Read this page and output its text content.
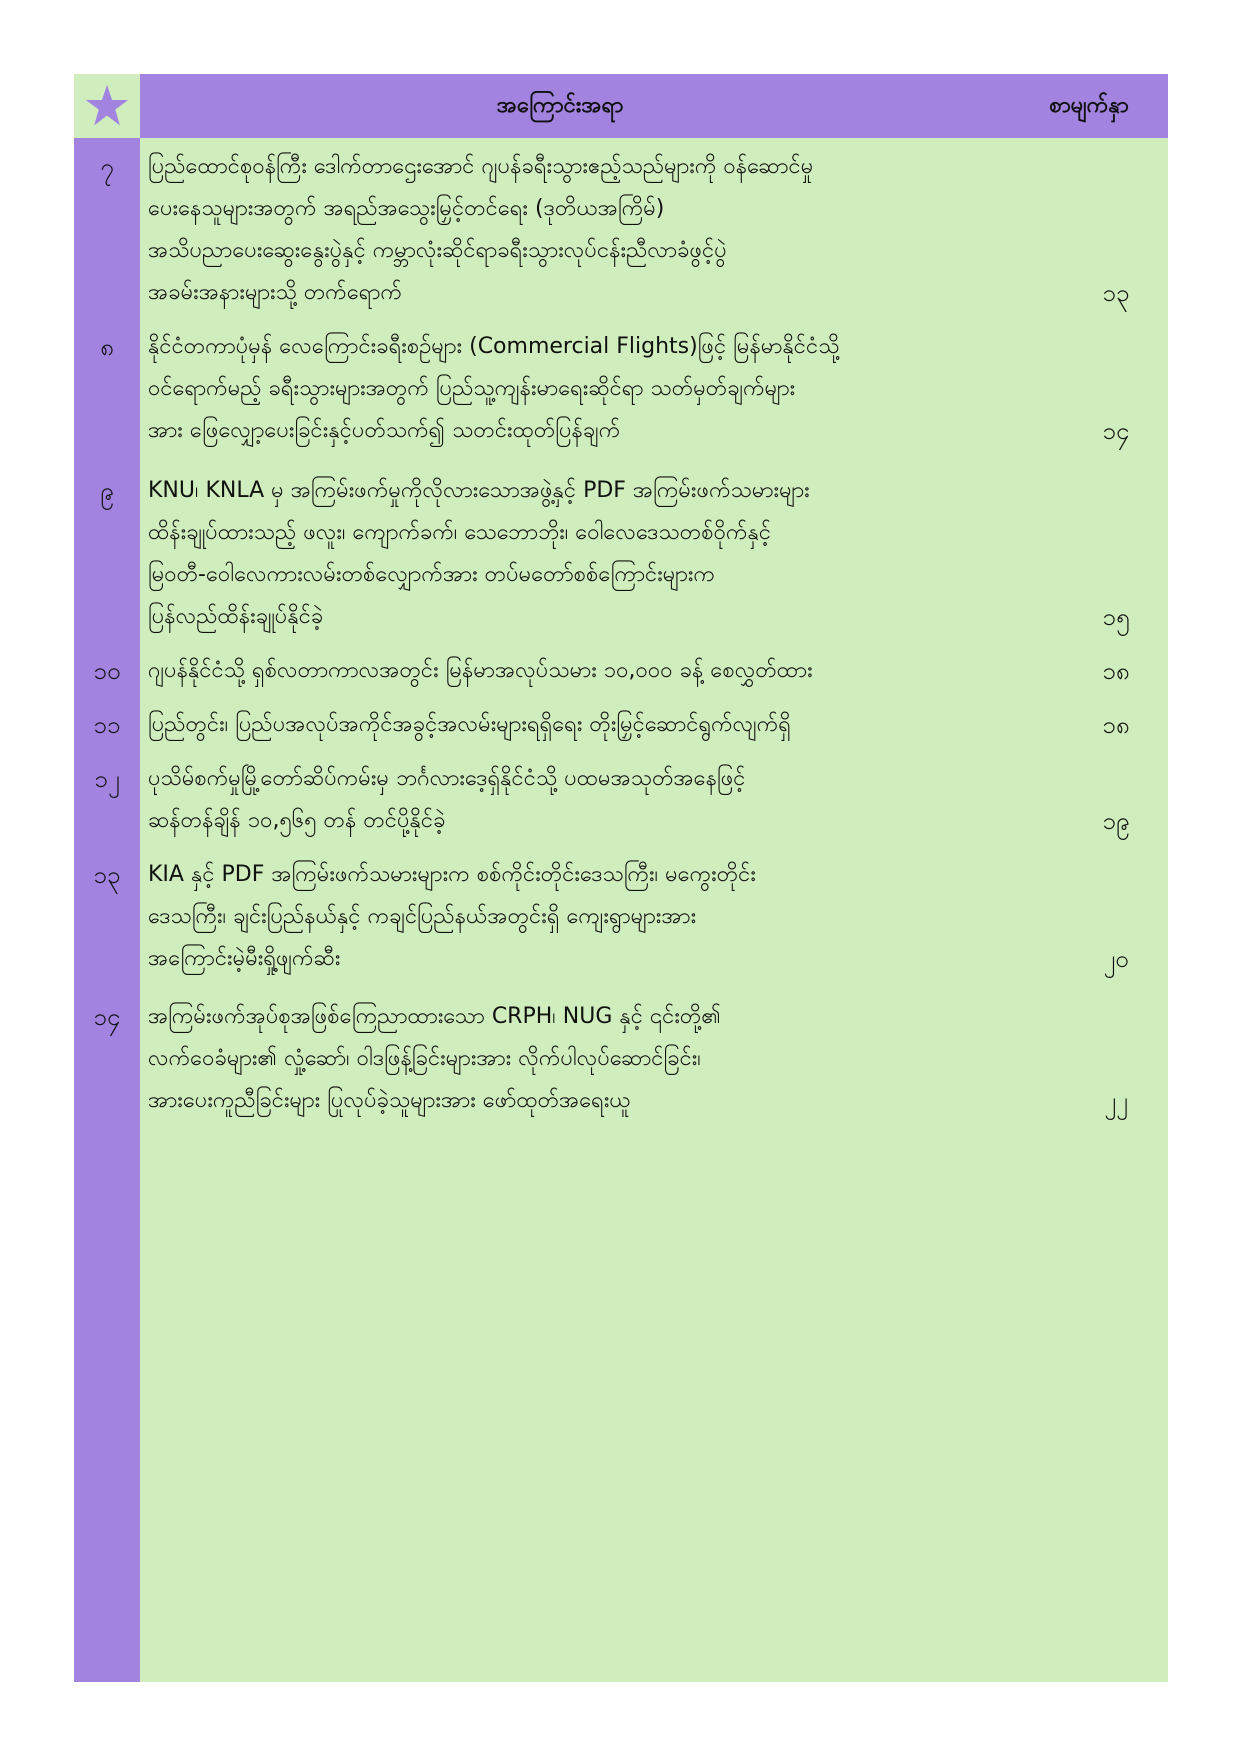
အကြောင်းအရာ	စာမျက်နှာ
၇	ပြည်ထောင်စုဝန်ကြီး ဒေါက်တာဌေးအောင် ဂျပန်ခရီးသွားဧည့်သည်များကို ဝန်ဆောင်မှု
ပေးနေသူများအတွက် အရည်အသွေးမြှင့်တင်ရေး (ဒုတိယအကြိမ်)
အသိပညာပေးဆွေးနွေးပွဲနှင့် ကမ္ဘာလုံးဆိုင်ရာခရီးသွားလုပ်ငန်းညီလာခံဖွင့်ပွဲ
အခမ်းအနားများသို့ တက်ရောက်	၁၃
၈	နိုင်ငံတကာပုံမှန် လေကြောင်းခရီးစဉ်များ (Commercial Flights)ဖြင့် မြန်မာနိုင်ငံသို့
ဝင်ရောက်မည့် ခရီးသွားများအတွက် ပြည်သူ့ကျန်းမာရေးဆိုင်ရာ သတ်မှတ်ချက်များ
အား ဖြေလျှော့ပေးခြင်းနှင့်ပတ်သက်၍ သတင်းထုတ်ပြန်ချက်	၁၄
၉	KNU၊ KNLA မှ အကြမ်းဖက်မှုကိုလိုလားသောအဖွဲ့နှင့် PDF အကြမ်းဖက်သမားများ
ထိန်းချုပ်ထားသည့် ဖလူး၊ ကျောက်ခက်၊ သေဘောဘိုး၊ ဝေါလေဒေသတစ်ဝိုက်နှင့်
မြဝတီ-ဝေါလေကားလမ်းတစ်လျှောက်အား တပ်မတော်စစ်ကြောင်းများက
ပြန်လည်ထိန်းချုပ်နိုင်ခဲ့	၁၅
၁၀	ဂျပန်နိုင်ငံသို့ ရှစ်လတာကာလအတွင်း မြန်မာအလုပ်သမား ၁၀,၀၀၀ ခန့် စေလွှတ်ထား	၁၈
၁၁	ပြည်တွင်း၊ ပြည်ပအလုပ်အကိုင်အခွင့်အလမ်းများရရှိရေး တိုးမြှင့်ဆောင်ရွက်လျက်ရှိ	၁၈
၁၂	ပုသိမ်စက်မှုမြို့တော်ဆိပ်ကမ်းမှ ဘင်္ဂလားဒေ့ရှ်နိုင်ငံသို့ ပထမအသုတ်အနေဖြင့်
ဆန်တန်ချိန် ၁၀,၅၆၅ တန် တင်ပို့နိုင်ခဲ့	၁၉
၁၃	KIA နှင့် PDF အကြမ်းဖက်သမားများက စစ်ကိုင်းတိုင်းဒေသကြီး၊ မကွေးတိုင်း
ဒေသကြီး၊ ချင်းပြည်နယ်နှင့် ကချင်ပြည်နယ်အတွင်းရှိ ကျေးရွာများအား
အကြောင်းမဲ့မီးရှို့ဖျက်ဆီး	၂၀
၁၄	အကြမ်းဖက်အုပ်စုအဖြစ်ကြေညာထားသော CRPH၊ NUG နှင့် ၎င်းတို့၏
လက်ဝေခံများ၏ လှုံ့ဆော်၊ ဝါဒဖြန့်ခြင်းများအား လိုက်ပါလုပ်ဆောင်ခြင်း၊
အားပေးကူညီခြင်းများ ပြုလုပ်ခဲ့သူများအား ဖော်ထုတ်အရေးယူ	၂၂
